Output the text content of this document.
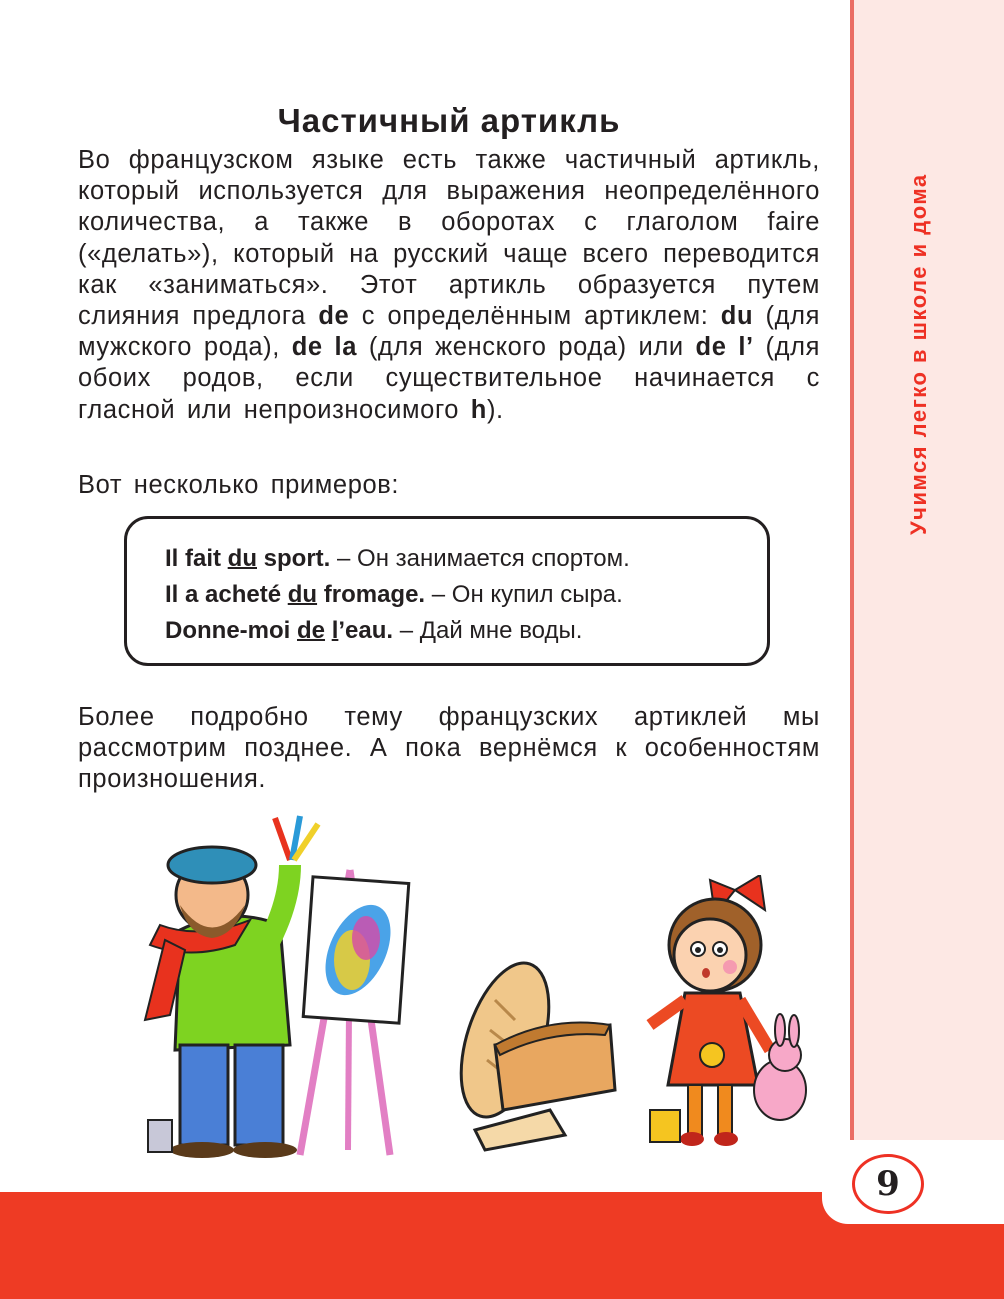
Учимся легко в школе и дома
Частичный артикль

Во французском языке есть также частичный артикль, который используется для выражения неопределённого количества, а также в оборотах с глаголом faire («делать»), который на русский чаще всего переводится как «заниматься». Этот артикль образуется путем слияния предлога de с определённым артиклем: du (для мужского рода), de la (для женского рода) или de l’ (для обоих родов, если существительное начинается с гласной или непроизносимого h).

Вот несколько примеров:

Il fait du sport. – Он занимается спортом.
Il a acheté du fromage. – Он купил сыра.
Donne-moi de l’eau. – Дай мне воды.

Более подробно тему французских артиклей мы рассмотрим позднее. А пока вернёмся к особенностям произношения.

9
